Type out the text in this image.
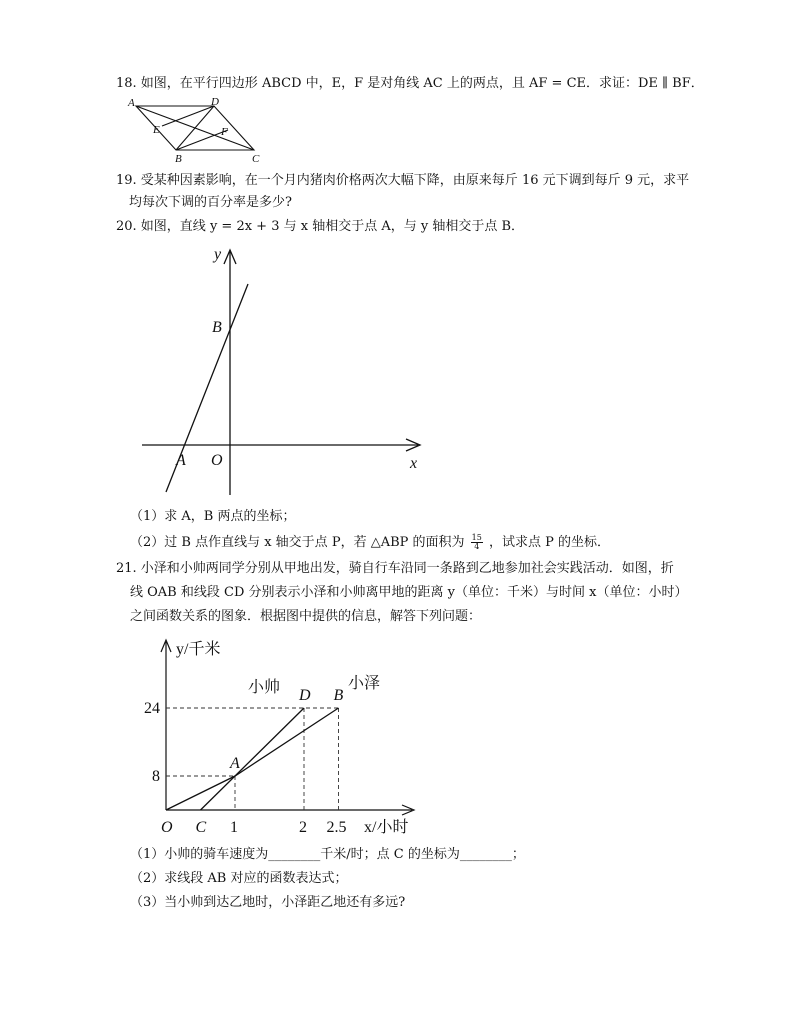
18. 如图，在平行四边形 ABCD 中，E，F 是对角线 AC 上的两点，且 AF = CE．求证：DE ∥ BF．
A	D
E	F
B	C
19. 受某种因素影响，在一个月内猪肉价格两次大幅下降，由原来每斤 16 元下调到每斤 9 元，求平
均每次下调的百分率是多少?
20. 如图，直线 y = 2x + 3 与 x 轴相交于点 A，与 y 轴相交于点 B．
y
x
B
A O
（1）求 A，B 两点的坐标；
（2）过 B 点作直线与 x 轴交于点 P，若 △ABP 的面积为 $\frac{15}{4}$ ，试求点 P 的坐标．
21. 小泽和小帅两同学分别从甲地出发，骑自行车沿同一条路到乙地参加社会实践活动．如图，折
线 OAB 和线段 CD 分别表示小泽和小帅离甲地的距离 y（单位：千米）与时间 x（单位：小时）
之间函数关系的图象．根据图中提供的信息，解答下列问题：
O C 1	2 2.5
8
24
A
B
D
y/千米
x/小时
小帅	小泽
（1）小帅的骑车速度为________千米/时；点 C 的坐标为________；
（2）求线段 AB 对应的函数表达式；
（3）当小帅到达乙地时，小泽距乙地还有多远?
